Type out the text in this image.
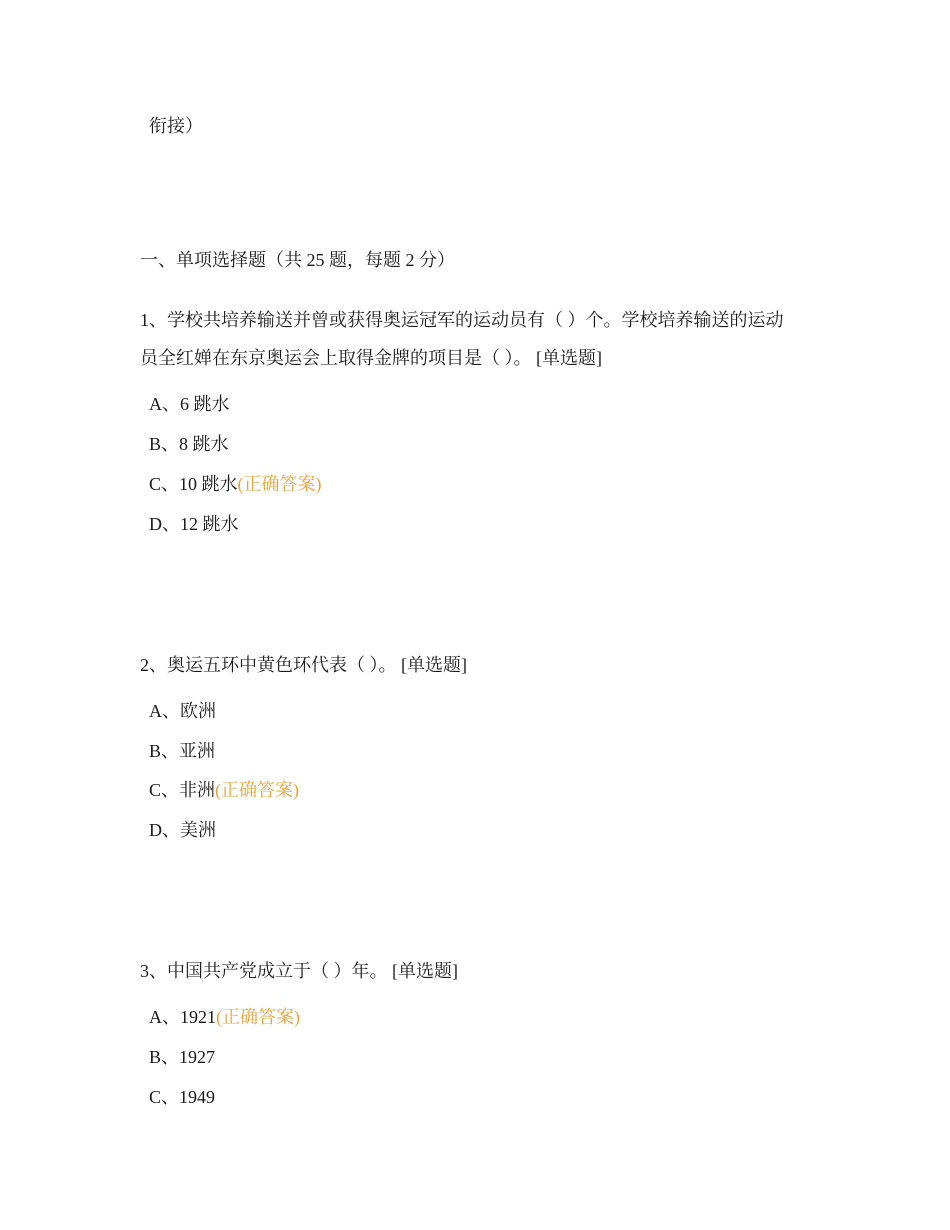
衔接）
一、单项选择题（共 25 题，每题 2 分）
1、学校共培养输送并曾或获得奥运冠军的运动员有（ ）个。学校培养输送的运动
员全红婵在东京奥运会上取得金牌的项目是（ ）。 [单选题]
A、6 跳水
B、8 跳水
C、10 跳水(正确答案)
D、12 跳水
2、奥运五环中黄色环代表（ ）。 [单选题]
A、欧洲
B、亚洲
C、非洲(正确答案)
D、美洲
3、中国共产党成立于（ ）年。 [单选题]
A、1921(正确答案)
B、1927
C、1949
